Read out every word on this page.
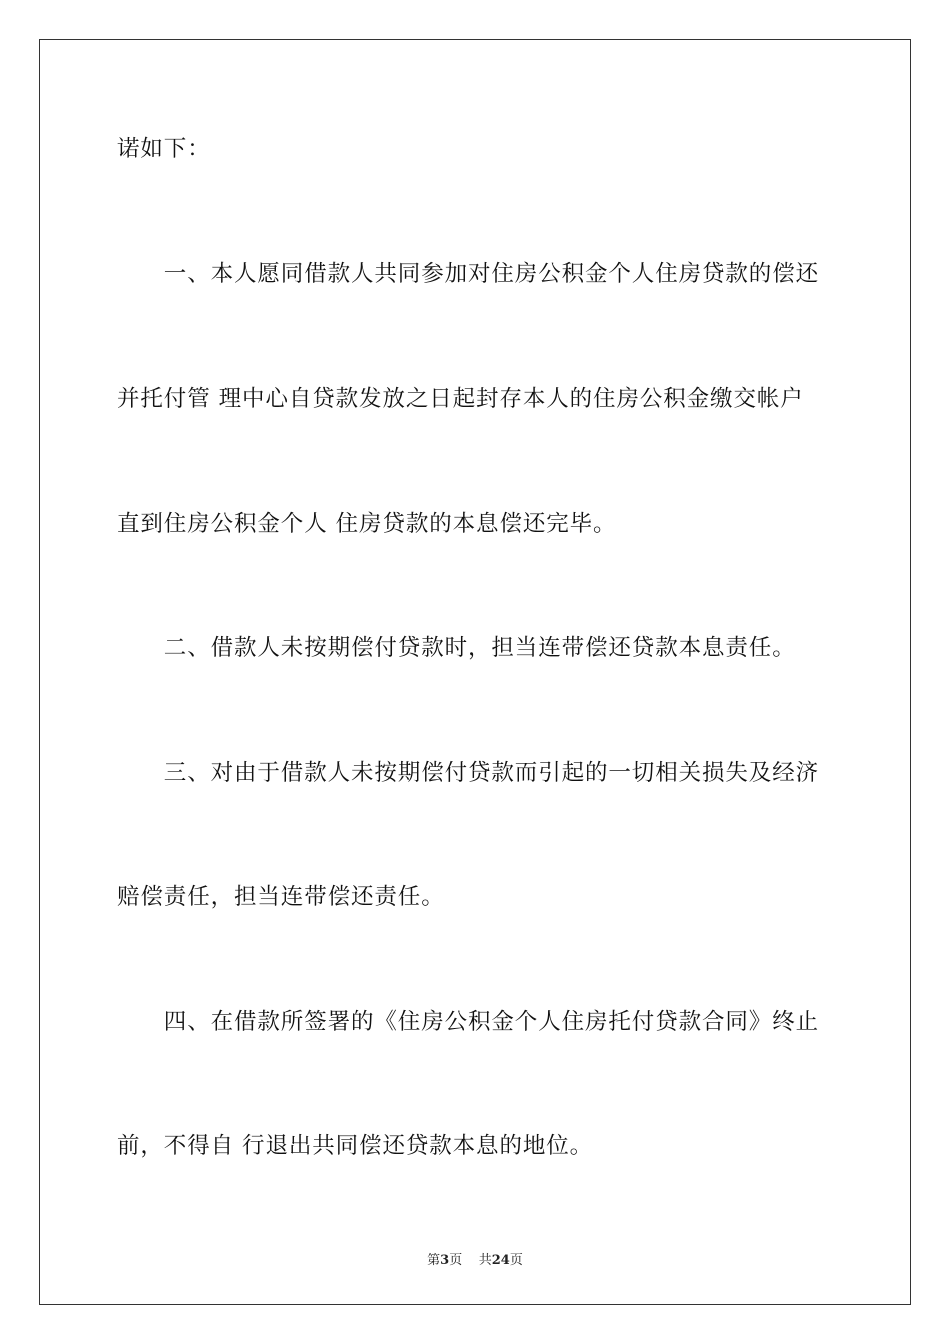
诺如下：
　　一、本人愿同借款人共同参加对住房公积金个人住房贷款的偿还
并托付管 理中心自贷款发放之日起封存本人的住房公积金缴交帐户
直到住房公积金个人 住房贷款的本息偿还完毕。
　　二、借款人未按期偿付贷款时，担当连带偿还贷款本息责任。
　　三、对由于借款人未按期偿付贷款而引起的一切相关损失及经济
赔偿责任，担当连带偿还责任。
　　四、在借款所签署的《住房公积金个人住房托付贷款合同》终止
前，不得自 行退出共同偿还贷款本息的地位。
第3页 共24页
